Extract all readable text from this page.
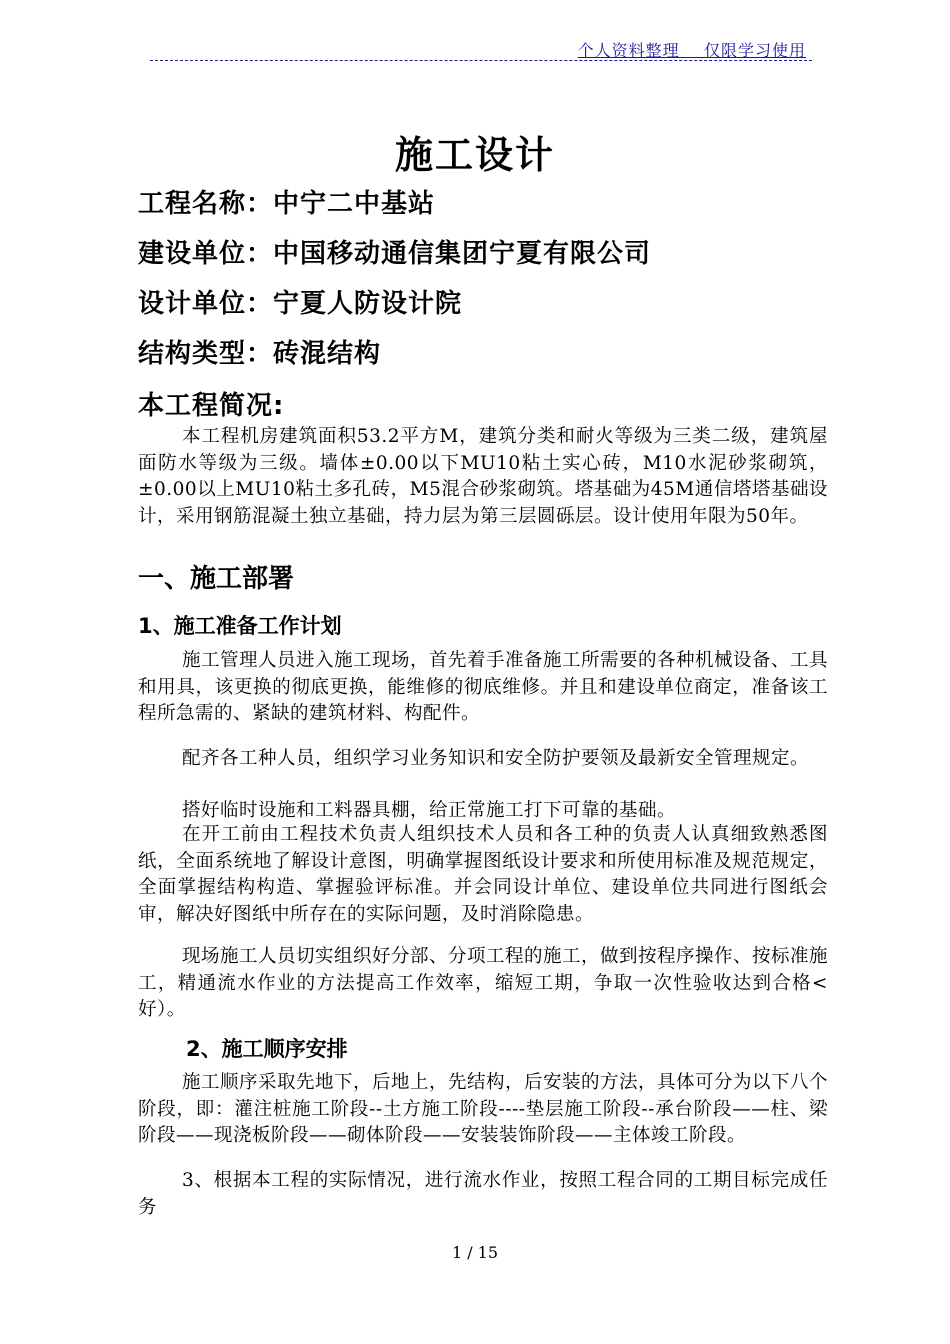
个人资料整理    仅限学习使用
施工设计
工程名称：中宁二中基站
建设单位：中国移动通信集团宁夏有限公司
设计单位：宁夏人防设计院
结构类型：砖混结构
本工程简况:
本工程机房建筑面积53.2平方M，建筑分类和耐火等级为三类二级，建筑屋面防水等级为三级。墙体±0.00以下MU10粘土实心砖，M10水泥砂浆砌筑，±0.00以上MU10粘土多孔砖，M5混合砂浆砌筑。塔基础为45M通信塔塔基础设计，采用钢筋混凝土独立基础，持力层为第三层圆砾层。设计使用年限为50年。
一、施工部署
1、施工准备工作计划
施工管理人员进入施工现场，首先着手准备施工所需要的各种机械设备、工具和用具，该更换的彻底更换，能维修的彻底维修。并且和建设单位商定，准备该工程所急需的、紧缺的建筑材料、构配件。
配齐各工种人员，组织学习业务知识和安全防护要领及最新安全管理规定。
搭好临时设施和工料器具棚，给正常施工打下可靠的基础。
在开工前由工程技术负责人组织技术人员和各工种的负责人认真细致熟悉图纸，全面系统地了解设计意图，明确掌握图纸设计要求和所使用标准及规范规定，全面掌握结构构造、掌握验评标准。并会同设计单位、建设单位共同进行图纸会审，解决好图纸中所存在的实际问题，及时消除隐患。
现场施工人员切实组织好分部、分项工程的施工，做到按程序操作、按标准施工，精通流水作业的方法提高工作效率，缩短工期，争取一次性验收达到合格<好）。
2、施工顺序安排
施工顺序采取先地下，后地上，先结构，后安装的方法，具体可分为以下八个阶段，即：灌注桩施工阶段--土方施工阶段----垫层施工阶段--承台阶段——柱、梁阶段——现浇板阶段——砌体阶段——安装装饰阶段——主体竣工阶段。
3、根据本工程的实际情况，进行流水作业，按照工程合同的工期目标完成任务
1 / 15
